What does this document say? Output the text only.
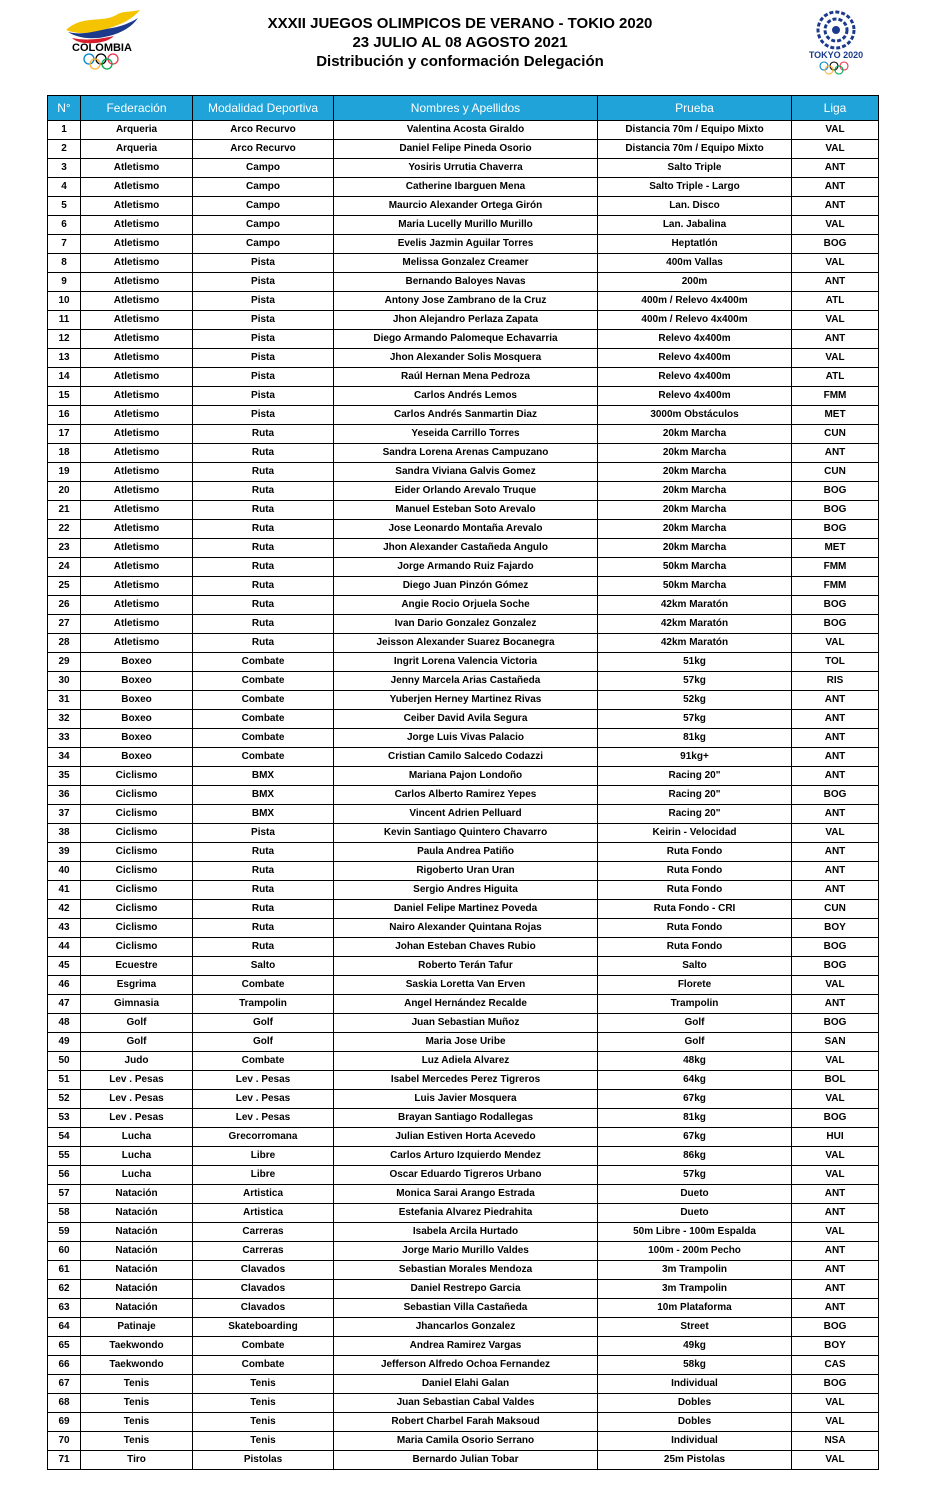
COLOMBIA
XXXII JUEGOS OLIMPICOS DE VERANO - TOKIO 2020
23 JULIO AL 08 AGOSTO 2021
Distribución y conformación Delegación	TOKYO 2020
N°	Federación	Modalidad Deportiva	Nombres y Apellidos	Prueba	Liga
1	Arqueria	Arco Recurvo	Valentina Acosta Giraldo	Distancia 70m / Equipo Mixto	VAL
2	Arqueria	Arco Recurvo	Daniel Felipe Pineda Osorio	Distancia 70m / Equipo Mixto	VAL
3	Atletismo	Campo	Yosiris Urrutia Chaverra	Salto Triple	ANT
4	Atletismo	Campo	Catherine Ibarguen Mena	Salto Triple - Largo	ANT
5	Atletismo	Campo	Maurcio Alexander Ortega Girón	Lan. Disco	ANT
6	Atletismo	Campo	Maria Lucelly Murillo Murillo	Lan. Jabalina	VAL
7	Atletismo	Campo	Evelis Jazmin Aguilar Torres	Heptatlón	BOG
8	Atletismo	Pista	Melissa Gonzalez Creamer	400m Vallas	VAL
9	Atletismo	Pista	Bernando Baloyes Navas	200m	ANT
10	Atletismo	Pista	Antony Jose Zambrano de la Cruz	400m / Relevo 4x400m	ATL
11	Atletismo	Pista	Jhon Alejandro Perlaza Zapata	400m / Relevo 4x400m	VAL
12	Atletismo	Pista	Diego Armando Palomeque Echavarria	Relevo 4x400m	ANT
13	Atletismo	Pista	Jhon Alexander Solis Mosquera	Relevo 4x400m	VAL
14	Atletismo	Pista	Raúl Hernan Mena Pedroza	Relevo 4x400m	ATL
15	Atletismo	Pista	Carlos Andrés Lemos	Relevo 4x400m	FMM
16	Atletismo	Pista	Carlos Andrés Sanmartin Diaz	3000m Obstáculos	MET
17	Atletismo	Ruta	Yeseida Carrillo Torres	20km Marcha	CUN
18	Atletismo	Ruta	Sandra Lorena Arenas Campuzano	20km Marcha	ANT
19	Atletismo	Ruta	Sandra Viviana Galvis Gomez	20km Marcha	CUN
20	Atletismo	Ruta	Eider Orlando Arevalo Truque	20km Marcha	BOG
21	Atletismo	Ruta	Manuel Esteban Soto Arevalo	20km Marcha	BOG
22	Atletismo	Ruta	Jose Leonardo Montaña Arevalo	20km Marcha	BOG
23	Atletismo	Ruta	Jhon Alexander Castañeda Angulo	20km Marcha	MET
24	Atletismo	Ruta	Jorge Armando Ruiz Fajardo	50km Marcha	FMM
25	Atletismo	Ruta	Diego Juan Pinzón Gómez	50km Marcha	FMM
26	Atletismo	Ruta	Angie Rocio Orjuela Soche	42km Maratón	BOG
27	Atletismo	Ruta	Ivan Dario Gonzalez Gonzalez	42km Maratón	BOG
28	Atletismo	Ruta	Jeisson Alexander Suarez Bocanegra	42km Maratón	VAL
29	Boxeo	Combate	Ingrit Lorena Valencia Victoria	51kg	TOL
30	Boxeo	Combate	Jenny Marcela Arias Castañeda	57kg	RIS
31	Boxeo	Combate	Yuberjen Herney Martinez Rivas	52kg	ANT
32	Boxeo	Combate	Ceiber David Avila Segura	57kg	ANT
33	Boxeo	Combate	Jorge Luis Vivas Palacio	81kg	ANT
34	Boxeo	Combate	Cristian Camilo Salcedo Codazzi	91kg+	ANT
35	Ciclismo	BMX	Mariana Pajon Londoño	Racing 20"	ANT
36	Ciclismo	BMX	Carlos Alberto Ramirez Yepes	Racing 20"	BOG
37	Ciclismo	BMX	Vincent Adrien Pelluard	Racing 20"	ANT
38	Ciclismo	Pista	Kevin Santiago Quintero Chavarro	Keirin - Velocidad	VAL
39	Ciclismo	Ruta	Paula Andrea Patiño	Ruta Fondo	ANT
40	Ciclismo	Ruta	Rigoberto Uran Uran	Ruta Fondo	ANT
41	Ciclismo	Ruta	Sergio Andres Higuita	Ruta Fondo	ANT
42	Ciclismo	Ruta	Daniel Felipe Martinez Poveda	Ruta Fondo - CRI	CUN
43	Ciclismo	Ruta	Nairo Alexander Quintana Rojas	Ruta Fondo	BOY
44	Ciclismo	Ruta	Johan Esteban Chaves Rubio	Ruta Fondo	BOG
45	Ecuestre	Salto	Roberto Terán Tafur	Salto	BOG
46	Esgrima	Combate	Saskia Loretta Van Erven	Florete	VAL
47	Gimnasia	Trampolin	Angel Hernández Recalde	Trampolin	ANT
48	Golf	Golf	Juan Sebastian Muñoz	Golf	BOG
49	Golf	Golf	Maria Jose Uribe	Golf	SAN
50	Judo	Combate	Luz Adiela Alvarez	48kg	VAL
51	Lev . Pesas	Lev . Pesas	Isabel Mercedes Perez Tigreros	64kg	BOL
52	Lev . Pesas	Lev . Pesas	Luis Javier Mosquera	67kg	VAL
53	Lev . Pesas	Lev . Pesas	Brayan Santiago Rodallegas	81kg	BOG
54	Lucha	Grecorromana	Julian Estiven Horta Acevedo	67kg	HUI
55	Lucha	Libre	Carlos Arturo Izquierdo Mendez	86kg	VAL
56	Lucha	Libre	Oscar Eduardo Tigreros Urbano	57kg	VAL
57	Natación	Artistica	Monica Sarai Arango Estrada	Dueto	ANT
58	Natación	Artistica	Estefania Alvarez Piedrahita	Dueto	ANT
59	Natación	Carreras	Isabela Arcila Hurtado	50m Libre - 100m Espalda	VAL
60	Natación	Carreras	Jorge Mario Murillo Valdes	100m - 200m Pecho	ANT
61	Natación	Clavados	Sebastian Morales Mendoza	3m Trampolin	ANT
62	Natación	Clavados	Daniel Restrepo Garcia	3m Trampolin	ANT
63	Natación	Clavados	Sebastian Villa Castañeda	10m Plataforma	ANT
64	Patinaje	Skateboarding	Jhancarlos Gonzalez	Street	BOG
65	Taekwondo	Combate	Andrea Ramirez Vargas	49kg	BOY
66	Taekwondo	Combate	Jefferson Alfredo Ochoa Fernandez	58kg	CAS
67	Tenis	Tenis	Daniel Elahi Galan	Individual	BOG
68	Tenis	Tenis	Juan Sebastian Cabal Valdes	Dobles	VAL
69	Tenis	Tenis	Robert Charbel Farah Maksoud	Dobles	VAL
70	Tenis	Tenis	Maria Camila Osorio Serrano	Individual	NSA
71	Tiro	Pistolas	Bernardo Julian Tobar	25m Pistolas	VAL
